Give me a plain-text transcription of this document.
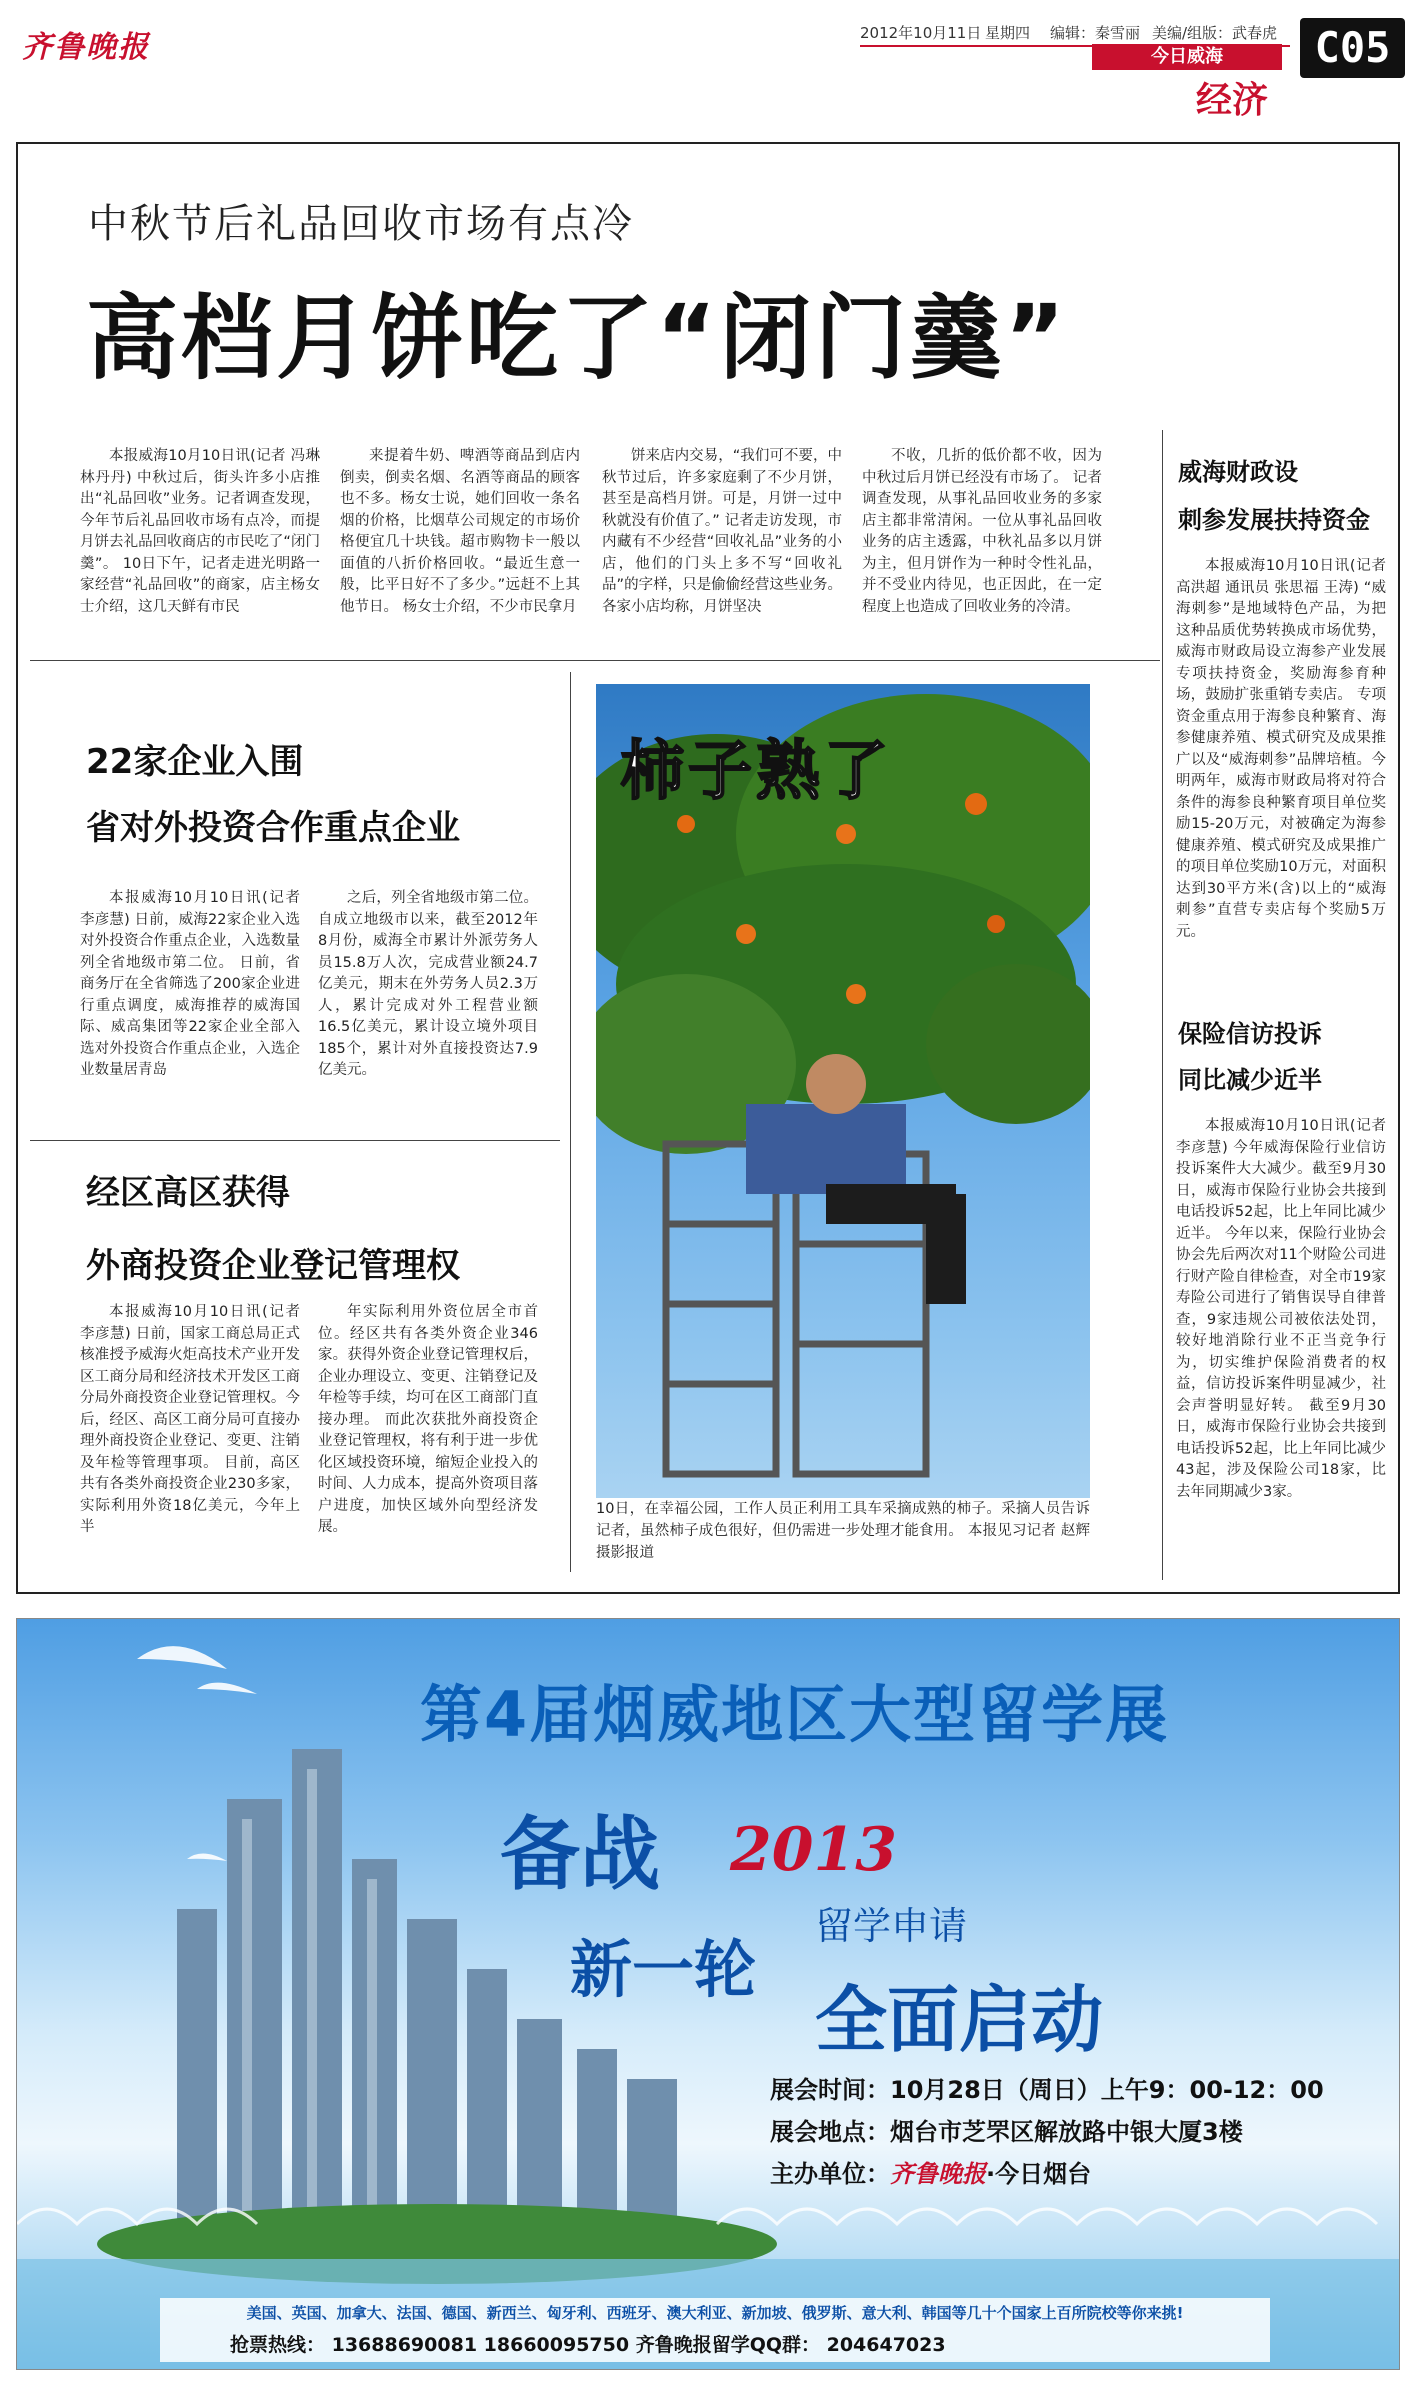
齐鲁晚报	2012年10月11日 星期四 编辑：秦雪丽 美编/组版：武春虎
今日威海
经济
C05
中秋节后礼品回收市场有点冷
高档月饼吃了“闭门羹”

本报威海10月10日讯(记者 冯琳 林丹丹) 中秋过后，街头许多小店推出“礼品回收”业务。记者调查发现，今年节后礼品回收市场有点冷，而提月饼去礼品回收商店的市民吃了“闭门羹”。 10日下午，记者走进光明路一家经营“礼品回收”的商家，店主杨女士介绍，这几天鲜有市民

来提着牛奶、啤酒等商品到店内倒卖，倒卖名烟、名酒等商品的顾客也不多。杨女士说，她们回收一条名烟的价格，比烟草公司规定的市场价格便宜几十块钱。超市购物卡一般以面值的八折价格回收。“最近生意一般，比平日好不了多少。”远赶不上其他节日。 杨女士介绍，不少市民拿月

饼来店内交易，“我们可不要，中秋节过后，许多家庭剩了不少月饼，甚至是高档月饼。可是，月饼一过中秋就没有价值了。” 记者走访发现，市内藏有不少经营“回收礼品”业务的小店，他们的门头上多不写“回收礼品”的字样，只是偷偷经营这些业务。各家小店均称，月饼坚决

不收，几折的低价都不收，因为中秋过后月饼已经没有市场了。 记者调查发现，从事礼品回收业务的多家店主都非常清闲。一位从事礼品回收业务的店主透露，中秋礼品多以月饼为主，但月饼作为一种时令性礼品，并不受业内待见，也正因此，在一定程度上也造成了回收业务的冷清。

22家企业入围
省对外投资合作重点企业

本报威海10月10日讯(记者 李彦慧) 日前，威海22家企业入选对外投资合作重点企业，入选数量列全省地级市第二位。 日前，省商务厅在全省筛选了200家企业进行重点调度，威海推荐的威海国际、威高集团等22家企业全部入选对外投资合作重点企业，入选企业数量居青岛

之后，列全省地级市第二位。 自成立地级市以来，截至2012年8月份，威海全市累计外派劳务人员15.8万人次，完成营业额24.7亿美元，期末在外劳务人员2.3万人，累计完成对外工程营业额16.5亿美元，累计设立境外项目185个，累计对外直接投资达7.9亿美元。

经区高区获得
外商投资企业登记管理权

本报威海10月10日讯(记者 李彦慧) 日前，国家工商总局正式核准授予威海火炬高技术产业开发区工商分局和经济技术开发区工商分局外商投资企业登记管理权。今后，经区、高区工商分局可直接办理外商投资企业登记、变更、注销及年检等管理事项。 目前，高区共有各类外商投资企业230多家，实际利用外资18亿美元，今年上半

年实际利用外资位居全市首位。经区共有各类外资企业346家。获得外资企业登记管理权后，企业办理设立、变更、注销登记及年检等手续，均可在区工商部门直接办理。 而此次获批外商投资企业登记管理权，将有利于进一步优化区域投资环境，缩短企业投入的时间、人力成本，提高外资项目落户进度，加快区域外向型经济发展。

柿子熟了
10日，在幸福公园，工作人员正利用工具车采摘成熟的柿子。采摘人员告诉记者，虽然柿子成色很好，但仍需进一步处理才能食用。 本报见习记者 赵辉 摄影报道
威海财政设
刺参发展扶持资金

本报威海10月10日讯(记者 高洪超 通讯员 张思福 王涛) “威海刺参”是地域特色产品，为把这种品质优势转换成市场优势，威海市财政局设立海参产业发展专项扶持资金，奖励海参育种场，鼓励扩张重销专卖店。 专项资金重点用于海参良种繁育、海参健康养殖、模式研究及成果推广以及“威海刺参”品牌培植。今明两年，威海市财政局将对符合条件的海参良种繁育项目单位奖励15-20万元，对被确定为海参健康养殖、模式研究及成果推广的项目单位奖励10万元，对面积达到30平方米(含)以上的“威海刺参”直营专卖店每个奖励5万元。

保险信访投诉
同比减少近半

本报威海10月10日讯(记者 李彦慧) 今年威海保险行业信访投诉案件大大减少。截至9月30日，威海市保险行业协会共接到电话投诉52起，比上年同比减少近半。 今年以来，保险行业协会协会先后两次对11个财险公司进行财产险自律检查，对全市19家寿险公司进行了销售误导自律普查，9家违规公司被依法处罚，较好地消除行业不正当竞争行为，切实维护保险消费者的权益，信访投诉案件明显减少，社会声誉明显好转。 截至9月30日，威海市保险行业协会共接到电话投诉52起，比上年同比减少43起，涉及保险公司18家，比去年同期减少3家。

第4届烟威地区大型留学展
备战 2013
留学申请
新一轮
全面启动
展会时间：10月28日（周日）上午9：00-12：00
展会地点：烟台市芝罘区解放路中银大厦3楼
主办单位：齐鲁晚报·今日烟台
美国、英国、加拿大、法国、德国、新西兰、匈牙利、西班牙、澳大利亚、新加坡、俄罗斯、意大利、韩国等几十个国家上百所院校等你来挑!
抢票热线： 13688690081 18660095750 齐鲁晚报留学QQ群： 204647023
